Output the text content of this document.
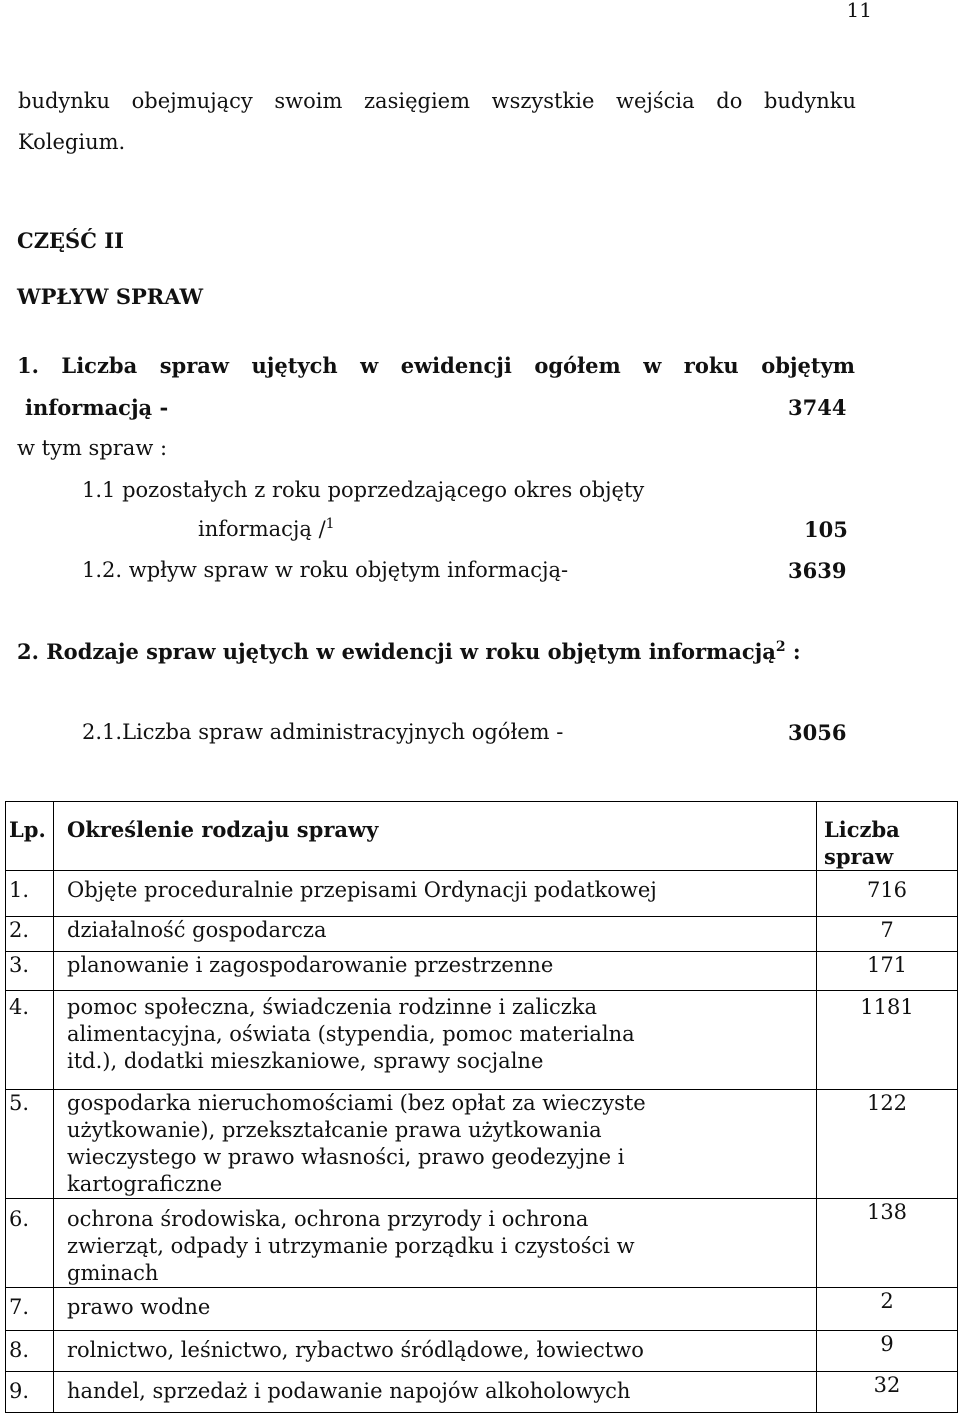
11
budynku obejmujący swoim zasięgiem wszystkie wejścia do budynku
Kolegium.
CZĘŚĆ II
WPŁYW SPRAW
1. Liczba spraw ujętych w ewidencji ogółem w roku objętym
informacją -	3744
w tym spraw :
1.1 pozostałych z roku poprzedzającego okres objęty
informacją /$^1$	105
1.2. wpływ spraw w roku objętym informacją-	3639
2. Rodzaje spraw ujętych w ewidencji w roku objętym informacją$^2$ :
2.1.Liczba spraw administracyjnych ogółem -	3056
Lp.	Określenie rodzaju sprawy	Liczba spraw
1.	Objęte proceduralnie przepisami Ordynacji podatkowej	716
2.	działalność gospodarcza	7
3.	planowanie i zagospodarowanie przestrzenne	171
4.	pomoc społeczna, świadczenia rodzinne i zaliczka alimentacyjna, oświata (stypendia, pomoc materialna itd.), dodatki mieszkaniowe, sprawy socjalne	1181
5.	gospodarka nieruchomościami (bez opłat za wieczyste użytkowanie), przekształcanie prawa użytkowania wieczystego w prawo własności, prawo geodezyjne i kartograficzne	122
6.	ochrona środowiska, ochrona przyrody i ochrona zwierząt, odpady i utrzymanie porządku i czystości w gminach	138
7.	prawo wodne	2
8.	rolnictwo, leśnictwo, rybactwo śródlądowe, łowiectwo	9
9.	handel, sprzedaż i podawanie napojów alkoholowych	32
